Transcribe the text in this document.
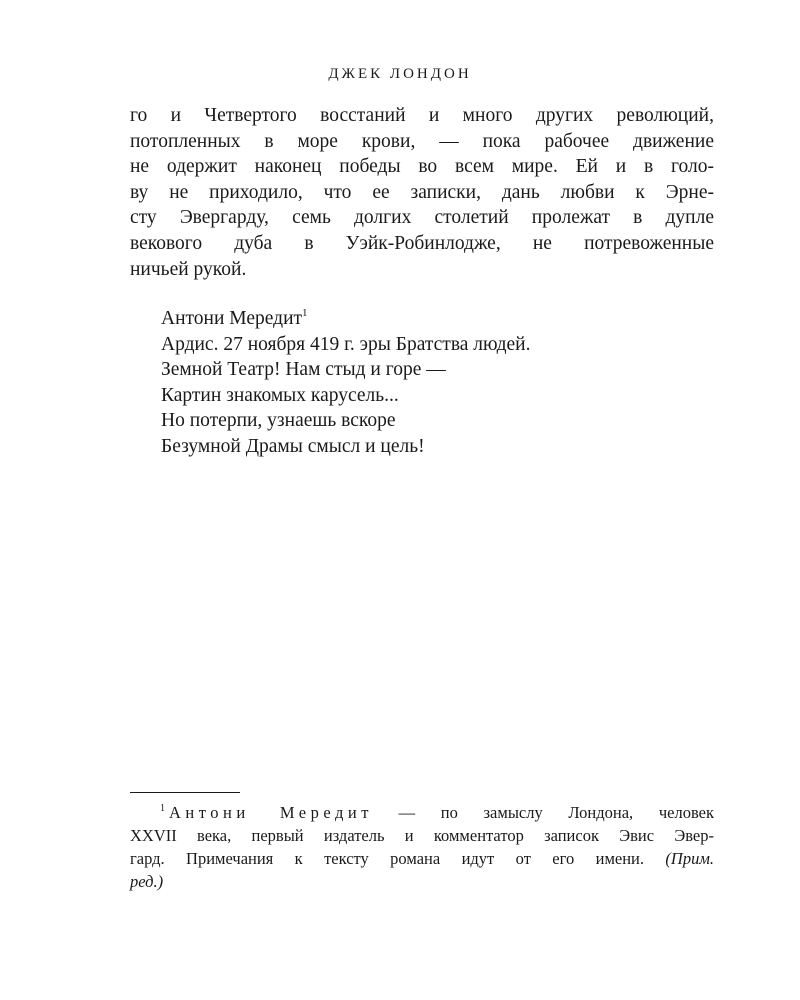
ДЖЕК ЛОНДОН
го и Четвертого восстаний и много других революций,
потопленных в море крови, — пока рабочее движение
не одержит наконец победы во всем мире. Ей и в голо-
ву не приходило, что ее записки, дань любви к Эрне-
сту Эвергарду, семь долгих столетий пролежат в дупле
векового дуба в Уэйк-Робинлодже, не потревоженные
ничьей рукой.
Антони Мередит$^1$
Ардис. 27 ноября 419 г. эры Братства людей.
Земной Театр! Нам стыд и горе —
Картин знакомых карусель...
Но потерпи, узнаешь вскоре
Безумной Драмы смысл и цель!
$^1$ Антони Мередит — по замыслу Лондона, человек
XXVII века, первый издатель и комментатор записок Эвис Эвер-
гард. Примечания к тексту романа идут от его имени. (Прим.
ред.)
